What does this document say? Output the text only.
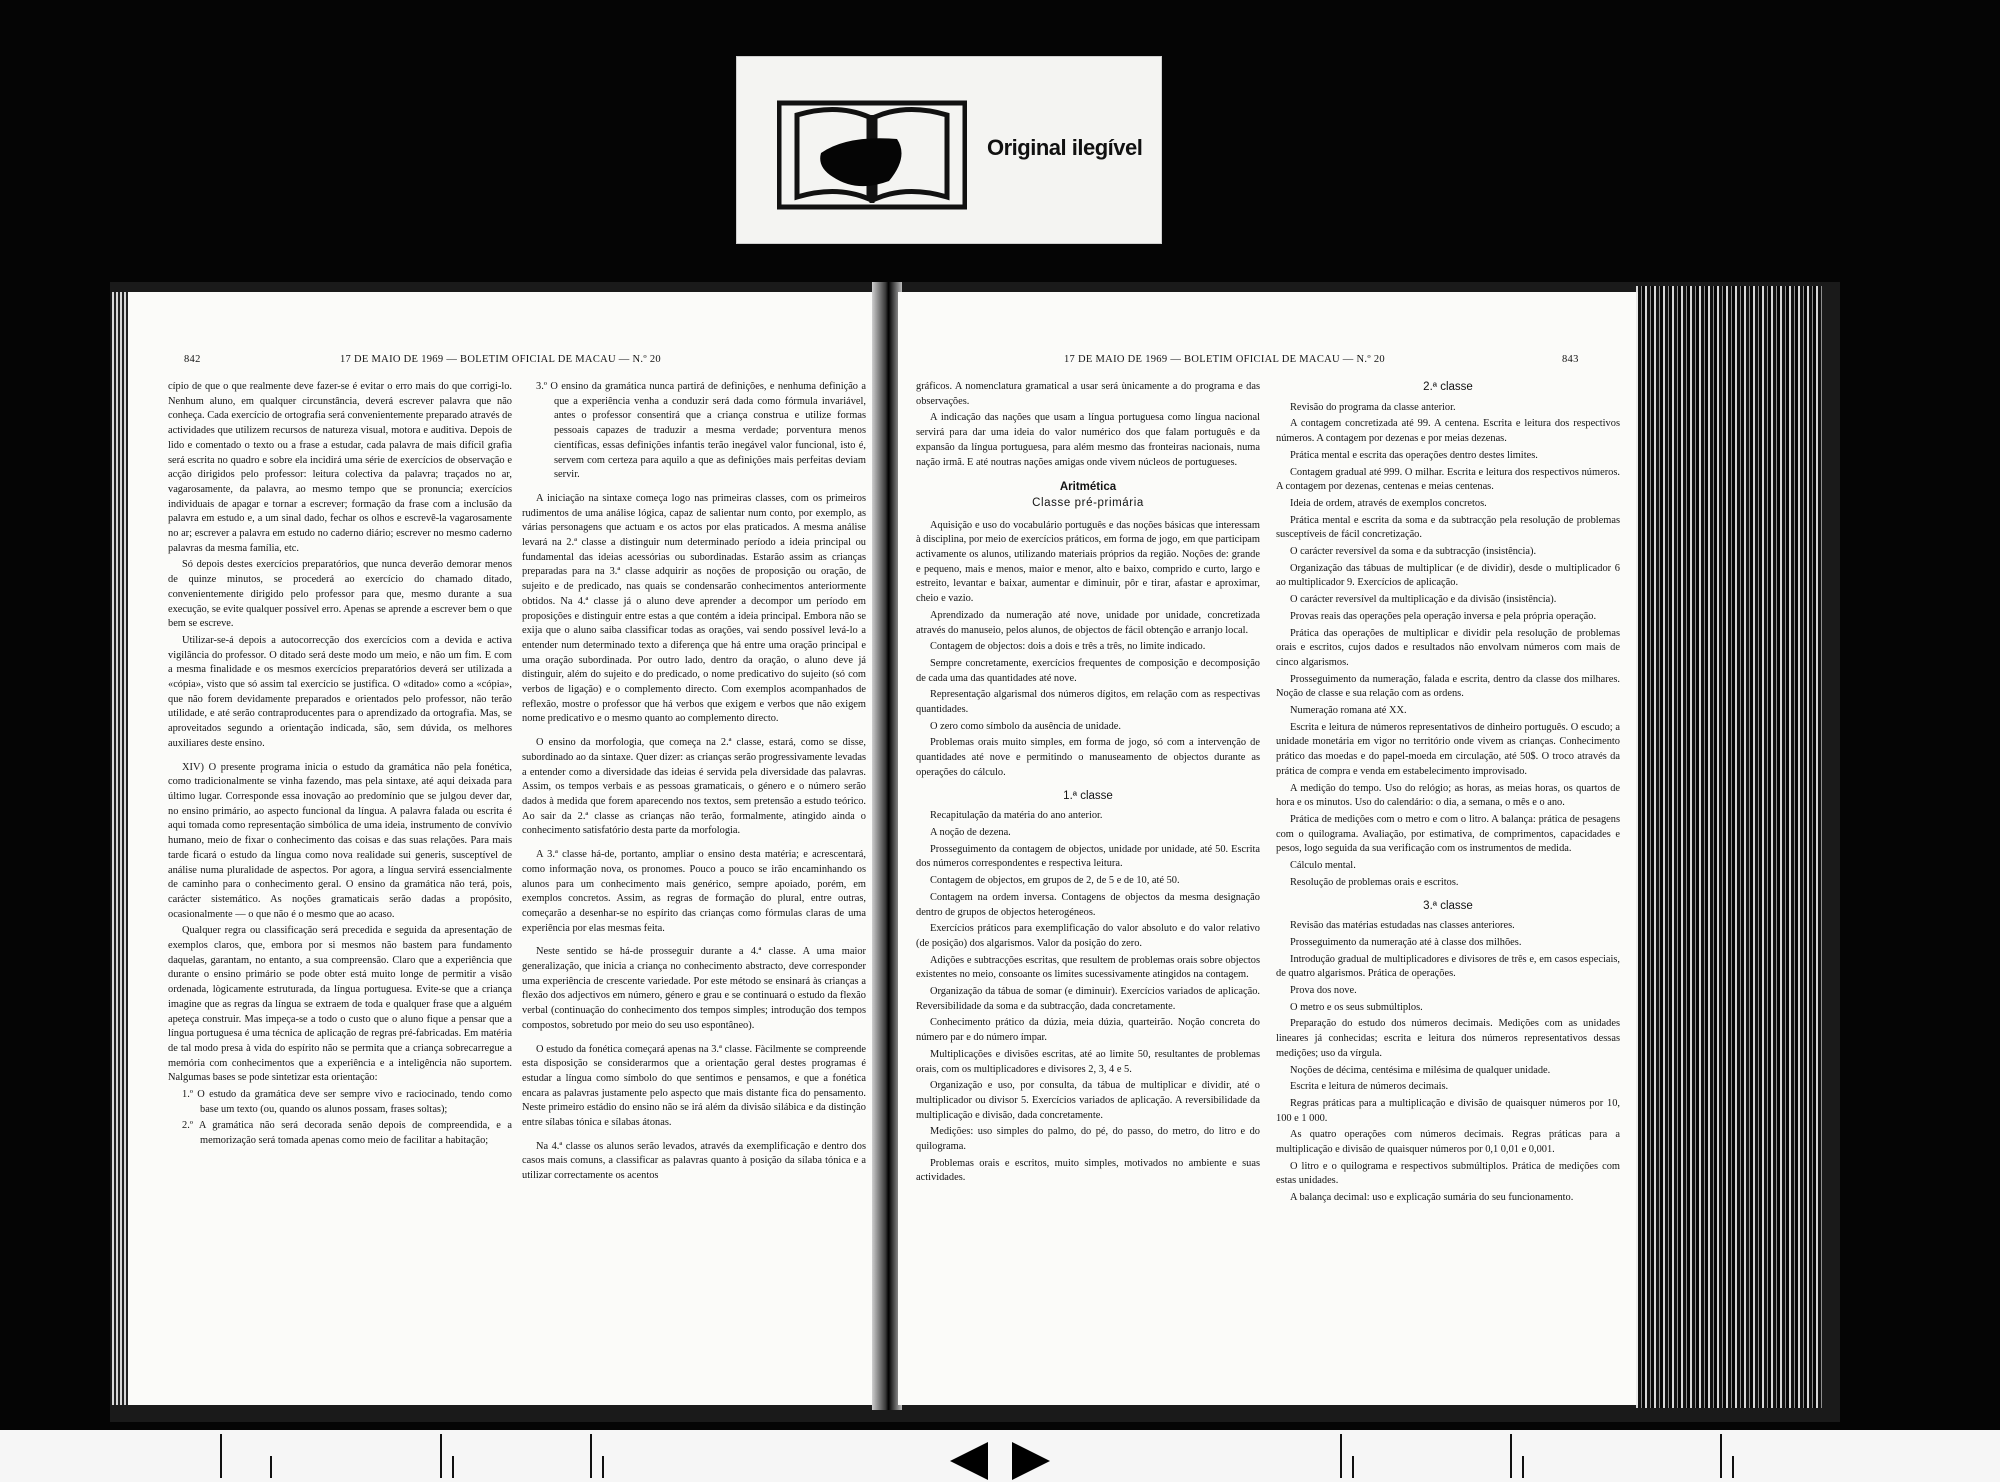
Original ilegível
842	17 DE MAIO DE 1969 — BOLETIM OFICIAL DE MACAU — N.º 20

cípio de que o que realmente deve fazer-se é evitar o erro mais do que corrigi-lo. Nenhum aluno, em qualquer circunstância, deverá escrever palavra que não conheça. Cada exercício de ortografia será convenientemente preparado através de actividades que utilizem recursos de natureza visual, motora e auditiva. Depois de lido e comentado o texto ou a frase a estudar, cada palavra de mais difícil grafia será escrita no quadro e sobre ela incidirá uma série de exercícios de observação e acção dirigidos pelo professor: leitura colectiva da palavra; traçados no ar, vagarosamente, da palavra, ao mesmo tempo que se pronuncia; exercícios individuais de apagar e tornar a escrever; formação da frase com a inclusão da palavra em estudo e, a um sinal dado, fechar os olhos e escrevê-la vagarosamente no ar; escrever a palavra em estudo no caderno diário; escrever no mesmo caderno palavras da mesma família, etc.

Só depois destes exercícios preparatórios, que nunca deverão demorar menos de quinze minutos, se procederá ao exercício do chamado ditado, convenientemente dirigido pelo professor para que, mesmo durante a sua execução, se evite qualquer possível erro. Apenas se aprende a escrever bem o que bem se escreve.

Utilizar-se-á depois a autocorrecção dos exercícios com a devida e activa vigilância do professor. O ditado será deste modo um meio, e não um fim. E com a mesma finalidade e os mesmos exercícios preparatórios deverá ser utilizada a «cópia», visto que só assim tal exercício se justifica. O «ditado» como a «cópia», que não forem devidamente preparados e orientados pelo professor, não terão utilidade, e até serão contraproducentes para o aprendizado da ortografia. Mas, se aproveitados segundo a orientação indicada, são, sem dúvida, os melhores auxiliares deste ensino.

XIV) O presente programa inicia o estudo da gramática não pela fonética, como tradicionalmente se vinha fazendo, mas pela sintaxe, até aqui deixada para último lugar. Corresponde essa inovação ao predomínio que se julgou dever dar, no ensino primário, ao aspecto funcional da língua. A palavra falada ou escrita é aqui tomada como representação simbólica de uma ideia, instrumento de convívio humano, meio de fixar o conhecimento das coisas e das suas relações. Para mais tarde ficará o estudo da língua como nova realidade sui generis, susceptível de análise numa pluralidade de aspectos. Por agora, a língua servirá essencialmente de caminho para o conhecimento geral. O ensino da gramática não terá, pois, carácter sistemático. As noções gramaticais serão dadas a propósito, ocasionalmente — o que não é o mesmo que ao acaso.

Qualquer regra ou classificação será precedida e seguida da apresentação de exemplos claros, que, embora por si mesmos não bastem para fundamento daquelas, garantam, no entanto, a sua compreensão. Claro que a experiência que durante o ensino primário se pode obter está muito longe de permitir a visão ordenada, lògicamente estruturada, da língua portuguesa. Evite-se que a criança imagine que as regras da língua se extraem de toda e qualquer frase que a alguém apeteça construir. Mas impeça-se a todo o custo que o aluno fique a pensar que a língua portuguesa é uma técnica de aplicação de regras pré-fabricadas. Em matéria de tal modo presa à vida do espírito não se permita que a criança sobrecarregue a memória com conhecimentos que a experiência e a inteligência não suportem. Nalgumas bases se pode sintetizar esta orientação:

1.º O estudo da gramática deve ser sempre vivo e raciocinado, tendo como base um texto (ou, quando os alunos possam, frases soltas);

2.º A gramática não será decorada senão depois de compreendida, e a memorização será tomada apenas como meio de facilitar a habitação;

3.º O ensino da gramática nunca partirá de definições, e nenhuma definição a que a experiência venha a conduzir será dada como fórmula invariável, antes o professor consentirá que a criança construa e utilize formas pessoais capazes de traduzir a mesma verdade; porventura menos científicas, essas definições infantis terão inegável valor funcional, isto é, servem com certeza para aquilo a que as definições mais perfeitas deviam servir.

A iniciação na sintaxe começa logo nas primeiras classes, com os primeiros rudimentos de uma análise lógica, capaz de salientar num conto, por exemplo, as várias personagens que actuam e os actos por elas praticados. A mesma análise levará na 2.ª classe a distinguir num determinado período a ideia principal ou fundamental das ideias acessórias ou subordinadas. Estarão assim as crianças preparadas para na 3.ª classe adquirir as noções de proposição ou oração, de sujeito e de predicado, nas quais se condensarão conhecimentos anteriormente obtidos. Na 4.ª classe já o aluno deve aprender a decompor um período em proposições e distinguir entre estas a que contém a ideia principal. Embora não se exija que o aluno saiba classificar todas as orações, vai sendo possível levá-lo a entender num determinado texto a diferença que há entre uma oração principal e uma oração subordinada. Por outro lado, dentro da oração, o aluno deve já distinguir, além do sujeito e do predicado, o nome predicativo do sujeito (só com verbos de ligação) e o complemento directo. Com exemplos acompanhados de reflexão, mostre o professor que há verbos que exigem e verbos que não exigem nome predicativo e o mesmo quanto ao complemento directo.

O ensino da morfologia, que começa na 2.ª classe, estará, como se disse, subordinado ao da sintaxe. Quer dizer: as crianças serão progressivamente levadas a entender como a diversidade das ideias é servida pela diversidade das palavras. Assim, os tempos verbais e as pessoas gramaticais, o género e o número serão dados à medida que forem aparecendo nos textos, sem pretensão a estudo teórico. Ao sair da 2.ª classe as crianças não terão, formalmente, atingido ainda o conhecimento satisfatório desta parte da morfologia.

A 3.ª classe há-de, portanto, ampliar o ensino desta matéria; e acrescentará, como informação nova, os pronomes. Pouco a pouco se irão encaminhando os alunos para um conhecimento mais genérico, sempre apoiado, porém, em exemplos concretos. Assim, as regras de formação do plural, entre outras, começarão a desenhar-se no espírito das crianças como fórmulas claras de uma experiência por elas mesmas feita.

Neste sentido se há-de prosseguir durante a 4.ª classe. A uma maior generalização, que inicia a criança no conhecimento abstracto, deve corresponder uma experiência de crescente variedade. Por este método se ensinará às crianças a flexão dos adjectivos em número, género e grau e se continuará o estudo da flexão verbal (continuação do conhecimento dos tempos simples; introdução dos tempos compostos, sobretudo por meio do seu uso espontâneo).

O estudo da fonética começará apenas na 3.ª classe. Fàcilmente se compreende esta disposição se considerarmos que a orientação geral destes programas é estudar a língua como símbolo do que sentimos e pensamos, e que a fonética encara as palavras justamente pelo aspecto que mais distante fica do pensamento. Neste primeiro estádio do ensino não se irá além da divisão silábica e da distinção entre sílabas tónica e sílabas átonas.

Na 4.ª classe os alunos serão levados, através da exemplificação e dentro dos casos mais comuns, a classificar as palavras quanto à posição da sílaba tónica e a utilizar correctamente os acentos

17 DE MAIO DE 1969 — BOLETIM OFICIAL DE MACAU — N.º 20	843

gráficos. A nomenclatura gramatical a usar será ùnicamente a do programa e das observações.

A indicação das nações que usam a língua portuguesa como língua nacional servirá para dar uma ideia do valor numérico dos que falam português e da expansão da língua portuguesa, para além mesmo das fronteiras nacionais, numa nação irmã. E até noutras nações amigas onde vivem núcleos de portugueses.

Aritmética
Classe pré-primária

Aquisição e uso do vocabulário português e das noções básicas que interessam à disciplina, por meio de exercícios práticos, em forma de jogo, em que participam activamente os alunos, utilizando materiais próprios da região. Noções de: grande e pequeno, mais e menos, maior e menor, alto e baixo, comprido e curto, largo e estreito, levantar e baixar, aumentar e diminuir, pôr e tirar, afastar e aproximar, cheio e vazio.

Aprendizado da numeração até nove, unidade por unidade, concretizada através do manuseio, pelos alunos, de objectos de fácil obtenção e arranjo local.

Contagem de objectos: dois a dois e três a três, no limite indicado.

Sempre concretamente, exercícios frequentes de composição e decomposição de cada uma das quantidades até nove.

Representação algarismal dos números dígitos, em relação com as respectivas quantidades.

O zero como símbolo da ausência de unidade.

Problemas orais muito simples, em forma de jogo, só com a intervenção de quantidades até nove e permitindo o manuseamento de objectos durante as operações do cálculo.

1.ª classe

Recapitulação da matéria do ano anterior.

A noção de dezena.

Prosseguimento da contagem de objectos, unidade por unidade, até 50. Escrita dos números correspondentes e respectiva leitura.

Contagem de objectos, em grupos de 2, de 5 e de 10, até 50.

Contagem na ordem inversa. Contagens de objectos da mesma designação dentro de grupos de objectos heterogéneos.

Exercícios práticos para exemplificação do valor absoluto e do valor relativo (de posição) dos algarismos. Valor da posição do zero.

Adições e subtracções escritas, que resultem de problemas orais sobre objectos existentes no meio, consoante os limites sucessivamente atingidos na contagem.

Organização da tábua de somar (e diminuir). Exercícios variados de aplicação. Reversibilidade da soma e da subtracção, dada concretamente.

Conhecimento prático da dúzia, meia dúzia, quarteirão. Noção concreta do número par e do número ímpar.

Multiplicações e divisões escritas, até ao limite 50, resultantes de problemas orais, com os multiplicadores e divisores 2, 3, 4 e 5.

Organização e uso, por consulta, da tábua de multiplicar e dividir, até o multiplicador ou divisor 5. Exercícios variados de aplicação. A reversibilidade da multiplicação e divisão, dada concretamente.

Medições: uso simples do palmo, do pé, do passo, do metro, do litro e do quilograma.

Problemas orais e escritos, muito simples, motivados no ambiente e suas actividades.

2.ª classe

Revisão do programa da classe anterior.

A contagem concretizada até 99. A centena. Escrita e leitura dos respectivos números. A contagem por dezenas e por meias dezenas.

Prática mental e escrita das operações dentro destes limites.

Contagem gradual até 999. O milhar. Escrita e leitura dos respectivos números. A contagem por dezenas, centenas e meias centenas.

Ideia de ordem, através de exemplos concretos.

Prática mental e escrita da soma e da subtracção pela resolução de problemas susceptíveis de fácil concretização.

O carácter reversível da soma e da subtracção (insistência).

Organização das tábuas de multiplicar (e de dividir), desde o multiplicador 6 ao multiplicador 9. Exercícios de aplicação.

O carácter reversível da multiplicação e da divisão (insistência).

Provas reais das operações pela operação inversa e pela própria operação.

Prática das operações de multiplicar e dividir pela resolução de problemas orais e escritos, cujos dados e resultados não envolvam números com mais de cinco algarismos.

Prosseguimento da numeração, falada e escrita, dentro da classe dos milhares. Noção de classe e sua relação com as ordens.

Numeração romana até XX.

Escrita e leitura de números representativos de dinheiro português. O escudo; a unidade monetária em vigor no território onde vivem as crianças. Conhecimento prático das moedas e do papel-moeda em circulação, até 50$. O troco através da prática de compra e venda em estabelecimento improvisado.

A medição do tempo. Uso do relógio; as horas, as meias horas, os quartos de hora e os minutos. Uso do calendário: o dia, a semana, o mês e o ano.

Prática de medições com o metro e com o litro. A balança: prática de pesagens com o quilograma. Avaliação, por estimativa, de comprimentos, capacidades e pesos, logo seguida da sua verificação com os instrumentos de medida.

Cálculo mental.

Resolução de problemas orais e escritos.

3.ª classe

Revisão das matérias estudadas nas classes anteriores.

Prosseguimento da numeração até à classe dos milhões.

Introdução gradual de multiplicadores e divisores de três e, em casos especiais, de quatro algarismos. Prática de operações.

Prova dos nove.

O metro e os seus submúltiplos.

Preparação do estudo dos números decimais. Medições com as unidades lineares já conhecidas; escrita e leitura dos números representativos dessas medições; uso da vírgula.

Noções de décima, centésima e milésima de qualquer unidade.

Escrita e leitura de números decimais.

Regras práticas para a multiplicação e divisão de quaisquer números por 10, 100 e 1 000.

As quatro operações com números decimais. Regras práticas para a multiplicação e divisão de quaisquer números por 0,1 0,01 e 0,001.

O litro e o quilograma e respectivos submúltiplos. Prática de medições com estas unidades.

A balança decimal: uso e explicação sumária do seu funcionamento.
